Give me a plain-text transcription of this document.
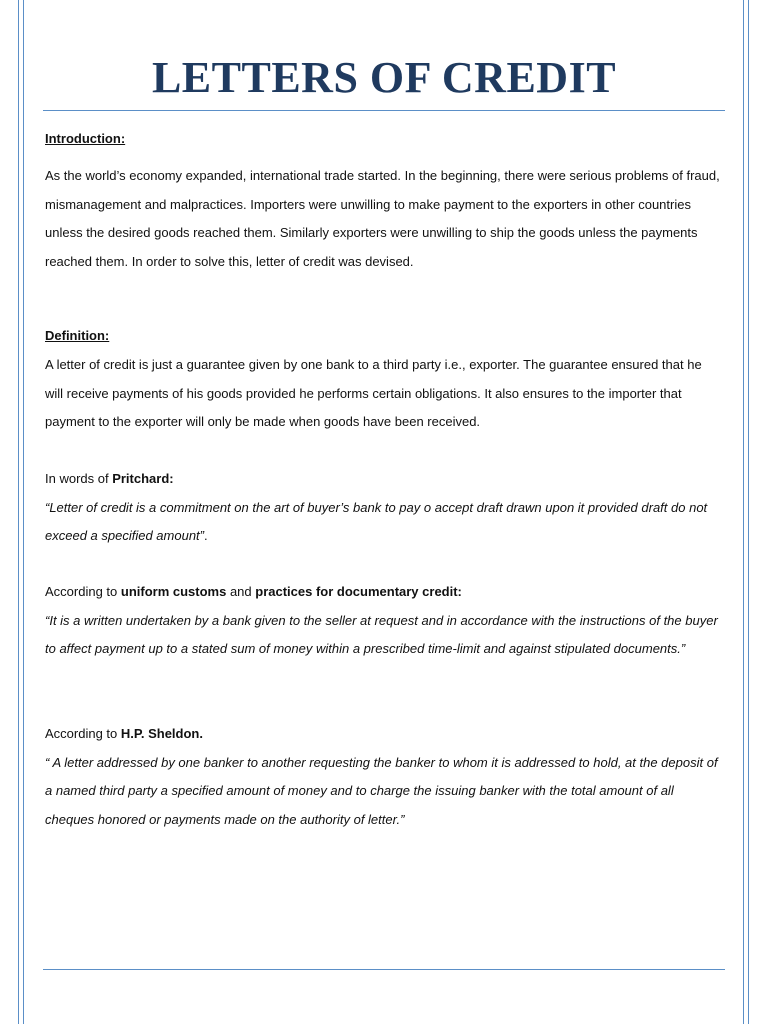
LETTERS OF CREDIT
Introduction:

As the world’s economy expanded, international trade started. In the beginning, there were serious problems of fraud, mismanagement and malpractices. Importers were unwilling to make payment to the exporters in other countries unless the desired goods reached them. Similarly exporters were unwilling to ship the goods unless the payments reached them. In order to solve this, letter of credit was devised.

Definition:

A letter of credit is just a guarantee given by one bank to a third party i.e., exporter. The guarantee ensured that he will receive payments of his goods provided he performs certain obligations. It also ensures to the importer that payment to the exporter will only be made when goods have been received.

In words of Pritchard:
“Letter of credit is a commitment on the art of buyer’s bank to pay o accept draft drawn upon it provided draft do not exceed a specified amount”.
According to uniform customs and practices for documentary credit:
“It is a written undertaken by a bank given to the seller at request and in accordance with the instructions of the buyer to affect payment up to a stated sum of money within a prescribed time-limit and against stipulated documents.”
According to H.P. Sheldon.
“ A letter addressed by one banker to another requesting the banker to whom it is addressed to hold, at the deposit of a named third party a specified amount of money and to charge the issuing banker with the total amount of all cheques honored or payments made on the authority of letter.”
